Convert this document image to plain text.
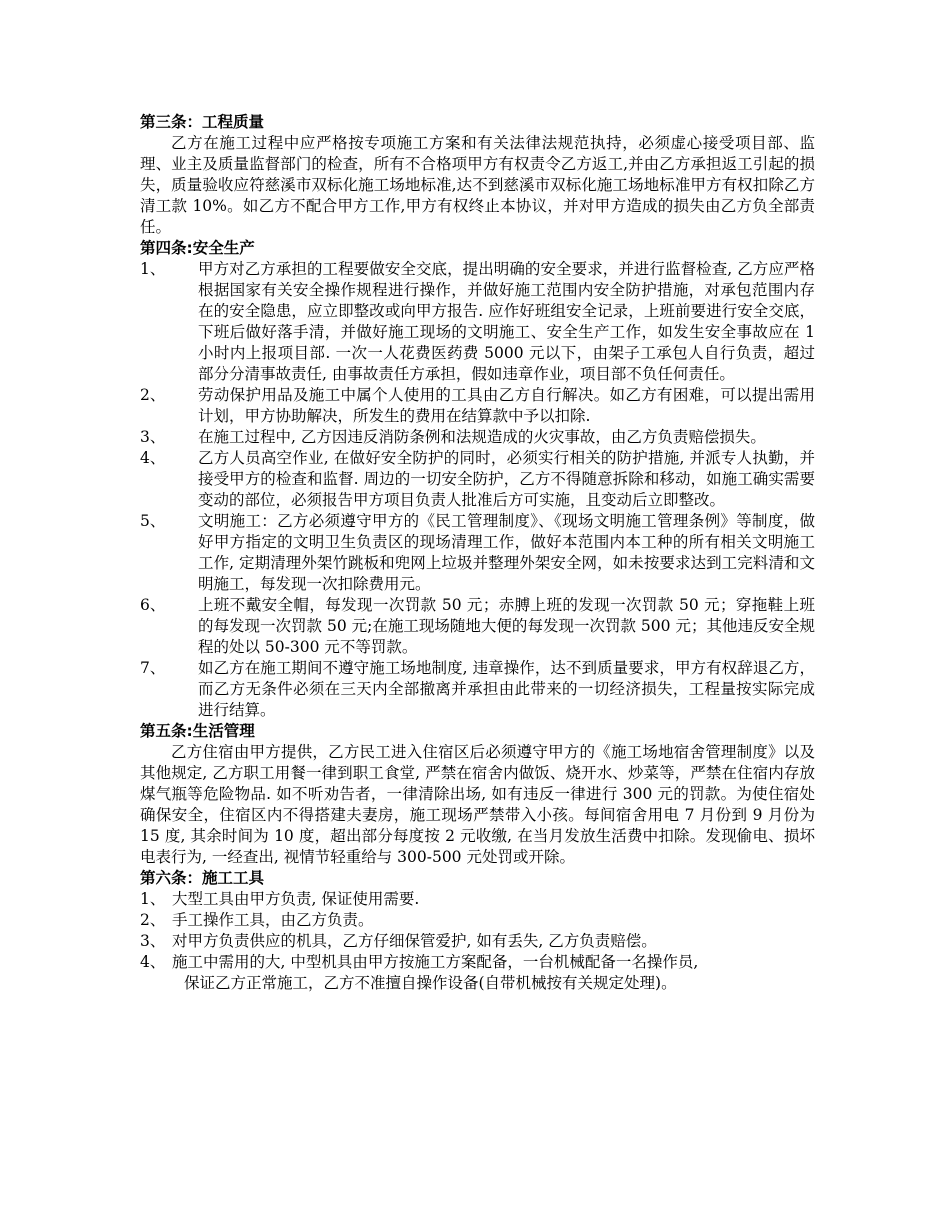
第三条：工程质量
乙方在施工过程中应严格按专项施工方案和有关法律法规范执持，必须虚心接受项目部、监理、业主及质量监督部门的检查，所有不合格项甲方有权责令乙方返工,并由乙方承担返工引起的损失，质量验收应符慈溪市双标化施工场地标准,达不到慈溪市双标化施工场地标准甲方有权扣除乙方清工款 10%。如乙方不配合甲方工作,甲方有权终止本协议，并对甲方造成的损失由乙方负全部责任。
第四条:安全生产
1、	甲方对乙方承担的工程要做安全交底，提出明确的安全要求，并进行监督检查, 乙方应严格根据国家有关安全操作规程进行操作，并做好施工范围内安全防护措施，对承包范围内存在的安全隐患，应立即整改或向甲方报告. 应作好班组安全记录，上班前要进行安全交底，下班后做好落手清，并做好施工现场的文明施工、安全生产工作，如发生安全事故应在 1 小时内上报项目部. 一次一人花费医药费 5000 元以下，由架子工承包人自行负责，超过部分分清事故责任, 由事故责任方承担，假如违章作业，项目部不负任何责任。
2、	劳动保护用品及施工中属个人使用的工具由乙方自行解决。如乙方有困难，可以提出需用计划，甲方协助解决，所发生的费用在结算款中予以扣除.
3、	在施工过程中, 乙方因违反消防条例和法规造成的火灾事故，由乙方负责赔偿损失。
4、	乙方人员高空作业, 在做好安全防护的同时，必须实行相关的防护措施, 并派专人执勤，并接受甲方的检查和监督. 周边的一切安全防护，乙方不得随意拆除和移动，如施工确实需要变动的部位，必须报告甲方项目负责人批准后方可实施，且变动后立即整改。
5、	文明施工：乙方必须遵守甲方的《民工管理制度》、《现场文明施工管理条例》等制度，做好甲方指定的文明卫生负责区的现场清理工作，做好本范围内本工种的所有相关文明施工工作, 定期清理外架竹跳板和兜网上垃圾并整理外架安全网，如未按要求达到工完料清和文明施工，每发现一次扣除费用元。
6、	上班不戴安全帽，每发现一次罚款 50 元；赤膊上班的发现一次罚款 50 元；穿拖鞋上班的每发现一次罚款 50 元;在施工现场随地大便的每发现一次罚款 500 元；其他违反安全规程的处以 50-300 元不等罚款。
7、	如乙方在施工期间不遵守施工场地制度, 违章操作，达不到质量要求，甲方有权辞退乙方，而乙方无条件必须在三天内全部撤离并承担由此带来的一切经济损失，工程量按实际完成进行结算。
第五条:生活管理
乙方住宿由甲方提供，乙方民工进入住宿区后必须遵守甲方的《施工场地宿舍管理制度》以及其他规定, 乙方职工用餐一律到职工食堂, 严禁在宿舍内做饭、烧开水、炒菜等，严禁在住宿内存放煤气瓶等危险物品. 如不听劝告者，一律清除出场, 如有违反一律进行 300 元的罚款。为使住宿处确保安全，住宿区内不得搭建夫妻房，施工现场严禁带入小孩。每间宿舍用电 7 月份到 9 月份为 15 度, 其余时间为 10 度，超出部分每度按 2 元收缴, 在当月发放生活费中扣除。发现偷电、损坏电表行为, 一经查出, 视情节轻重给与 300-500 元处罚或开除。
第六条：施工工具
1、 大型工具由甲方负责, 保证使用需要.
2、 手工操作工具，由乙方负责。
3、 对甲方负责供应的机具，乙方仔细保管爱护, 如有丢失, 乙方负责赔偿。
4、 施工中需用的大, 中型机具由甲方按施工方案配备，一台机械配备一名操作员,
保证乙方正常施工，乙方不准擅自操作设备(自带机械按有关规定处理)。
